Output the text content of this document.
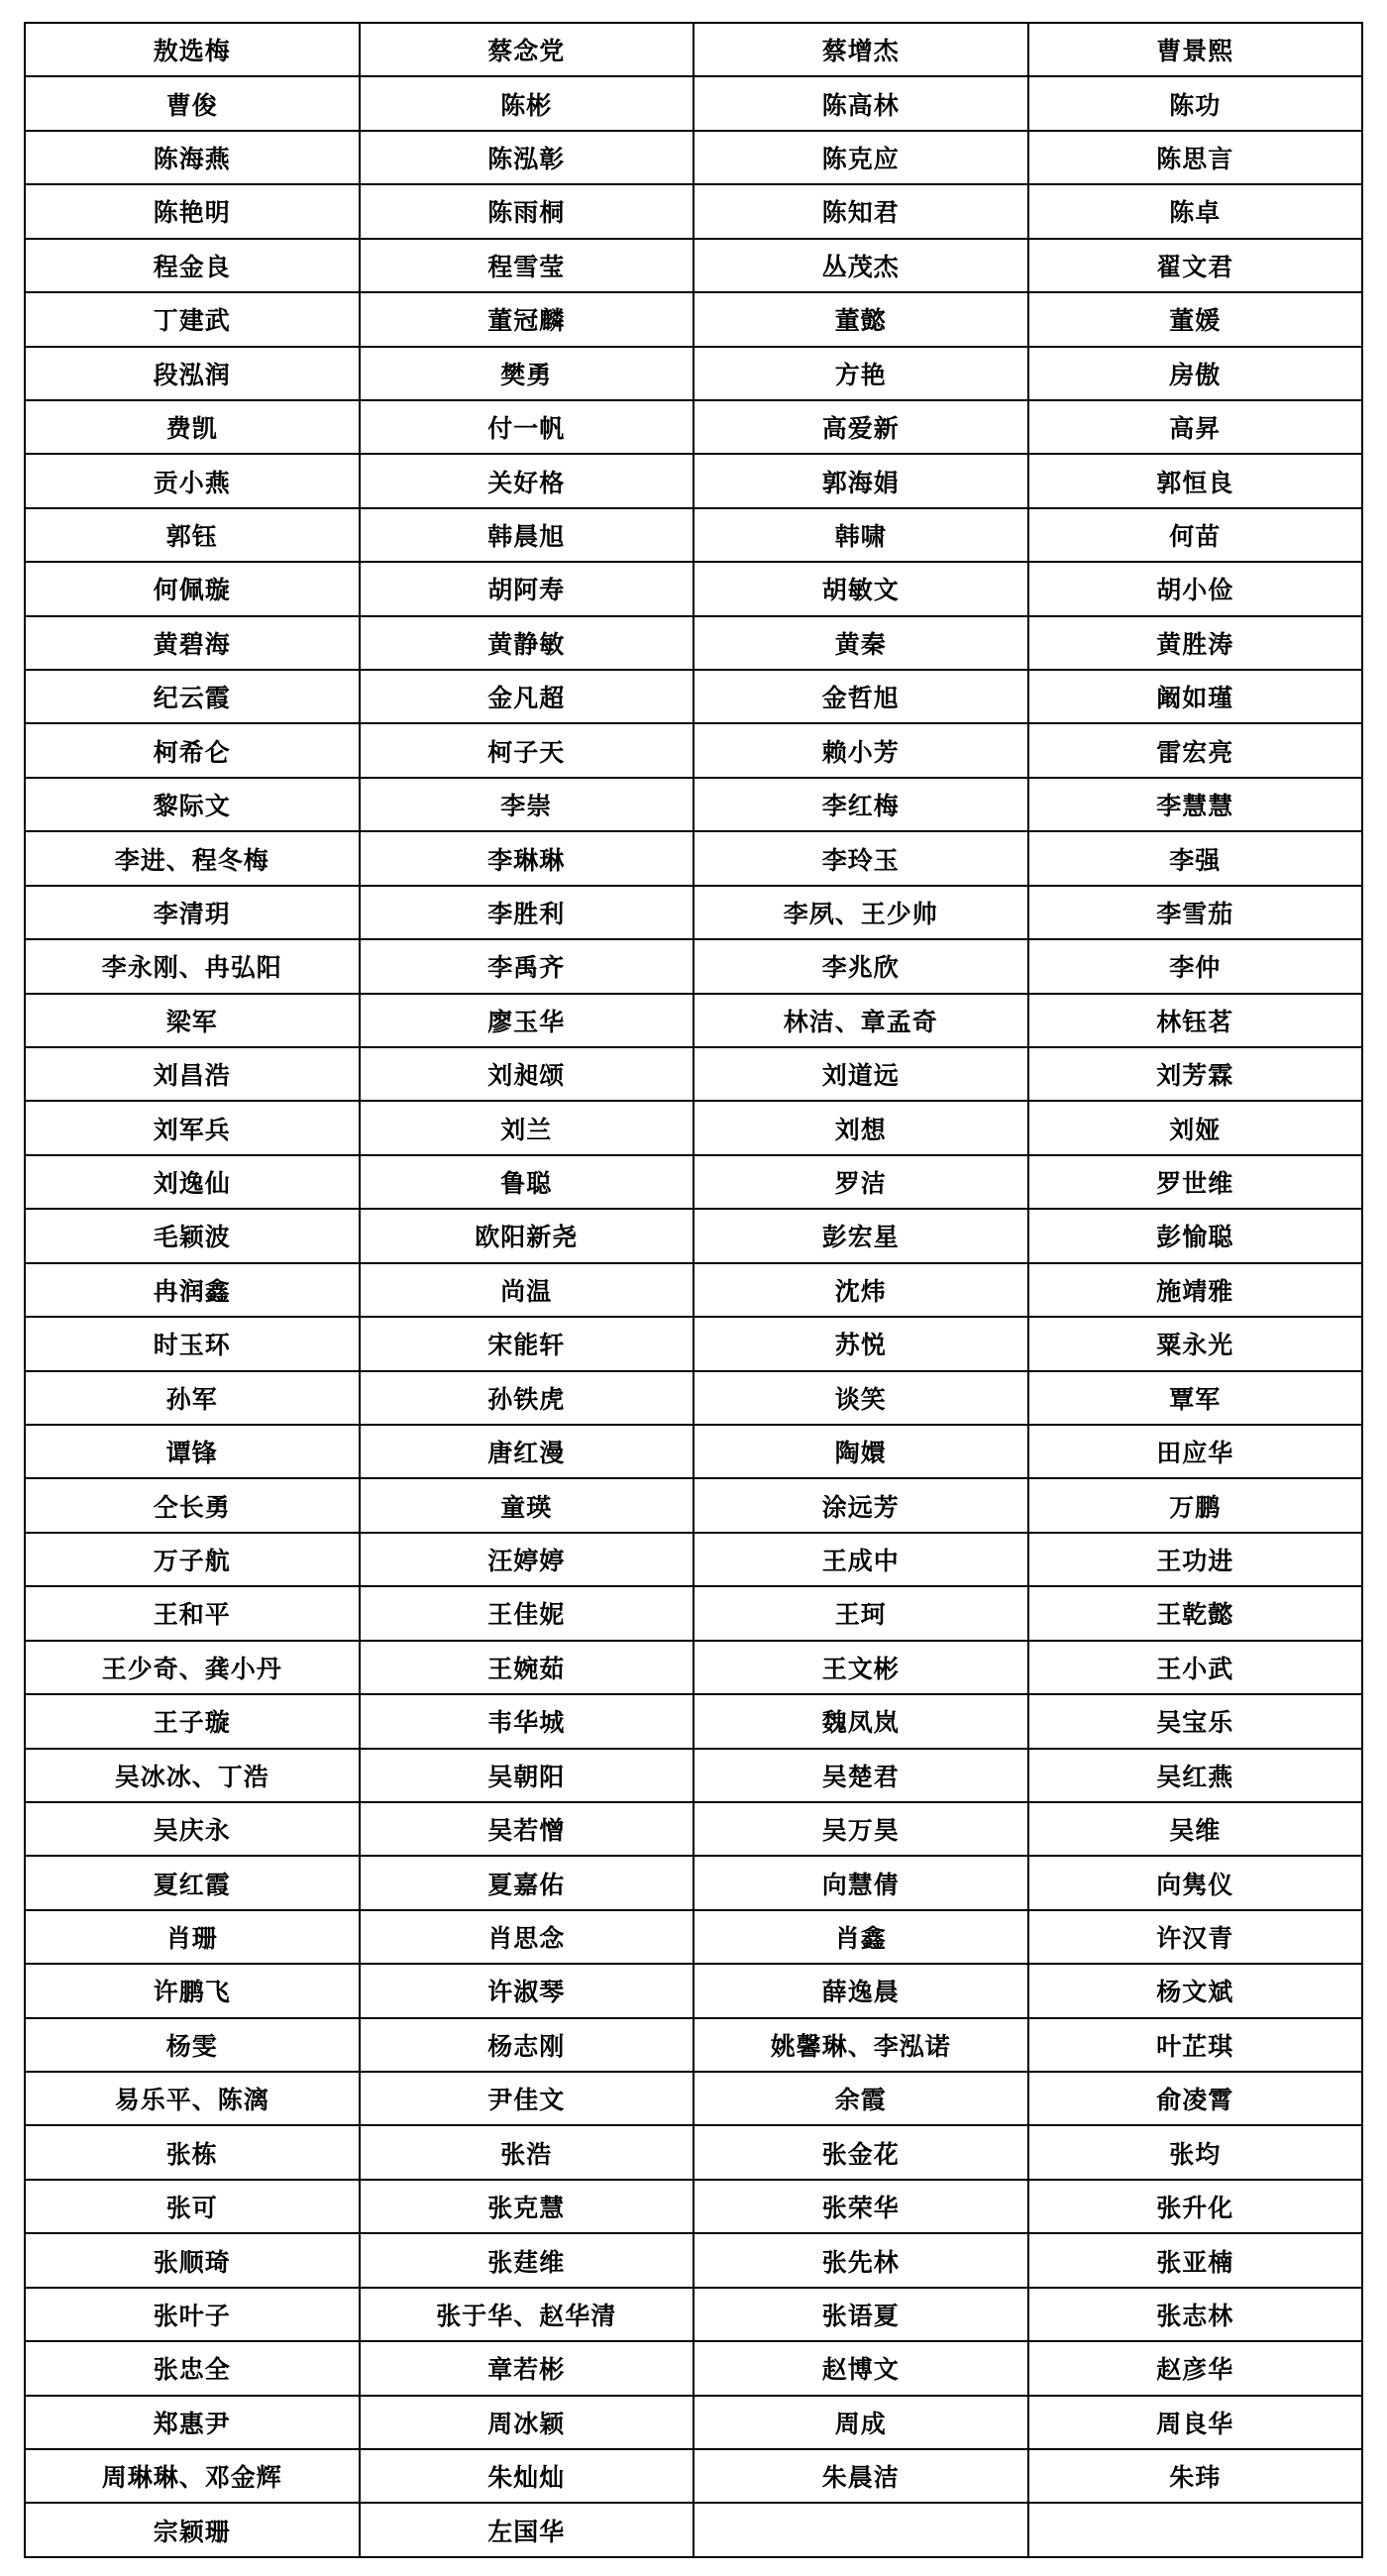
敖选梅	蔡念党	蔡增杰	曹景熙
曹俊	陈彬	陈高林	陈功
陈海燕	陈泓彰	陈克应	陈思言
陈艳明	陈雨桐	陈知君	陈卓
程金良	程雪莹	丛茂杰	翟文君
丁建武	董冠麟	董懿	董媛
段泓润	樊勇	方艳	房傲
费凯	付一帆	高爱新	高昇
贡小燕	关好格	郭海娟	郭恒良
郭钰	韩晨旭	韩啸	何苗
何佩璇	胡阿寿	胡敏文	胡小俭
黄碧海	黄静敏	黄秦	黄胜涛
纪云霞	金凡超	金哲旭	阚如瑾
柯希仑	柯子天	赖小芳	雷宏亮
黎际文	李崇	李红梅	李慧慧
李进、程冬梅	李琳琳	李玲玉	李强
李清玥	李胜利	李夙、王少帅	李雪茄
李永刚、冉弘阳	李禹齐	李兆欣	李仲
梁军	廖玉华	林洁、章孟奇	林钰茗
刘昌浩	刘昶颂	刘道远	刘芳霖
刘军兵	刘兰	刘想	刘娅
刘逸仙	鲁聪	罗洁	罗世维
毛颖波	欧阳新尧	彭宏星	彭愉聪
冉润鑫	尚温	沈炜	施靖雅
时玉环	宋能轩	苏悦	粟永光
孙军	孙铁虎	谈笑	覃军
谭锋	唐红漫	陶嬛	田应华
仝长勇	童瑛	涂远芳	万鹏
万子航	汪婷婷	王成中	王功进
王和平	王佳妮	王珂	王乾懿
王少奇、龚小丹	王婉茹	王文彬	王小武
王子璇	韦华城	魏凤岚	吴宝乐
吴冰冰、丁浩	吴朝阳	吴楚君	吴红燕
吴庆永	吴若憎	吴万昊	吴维
夏红霞	夏嘉佑	向慧倩	向隽仪
肖珊	肖思念	肖鑫	许汉青
许鹏飞	许淑琴	薛逸晨	杨文斌
杨雯	杨志刚	姚馨琳、李泓诺	叶芷琪
易乐平、陈漓	尹佳文	余霞	俞凌霄
张栋	张浩	张金花	张均
张可	张克慧	张荣华	张升化
张顺琦	张莛维	张先林	张亚楠
张叶子	张于华、赵华清	张语夏	张志林
张忠全	章若彬	赵博文	赵彦华
郑惠尹	周冰颖	周成	周良华
周琳琳、邓金辉	朱灿灿	朱晨洁	朱玮
宗颖珊	左国华		
